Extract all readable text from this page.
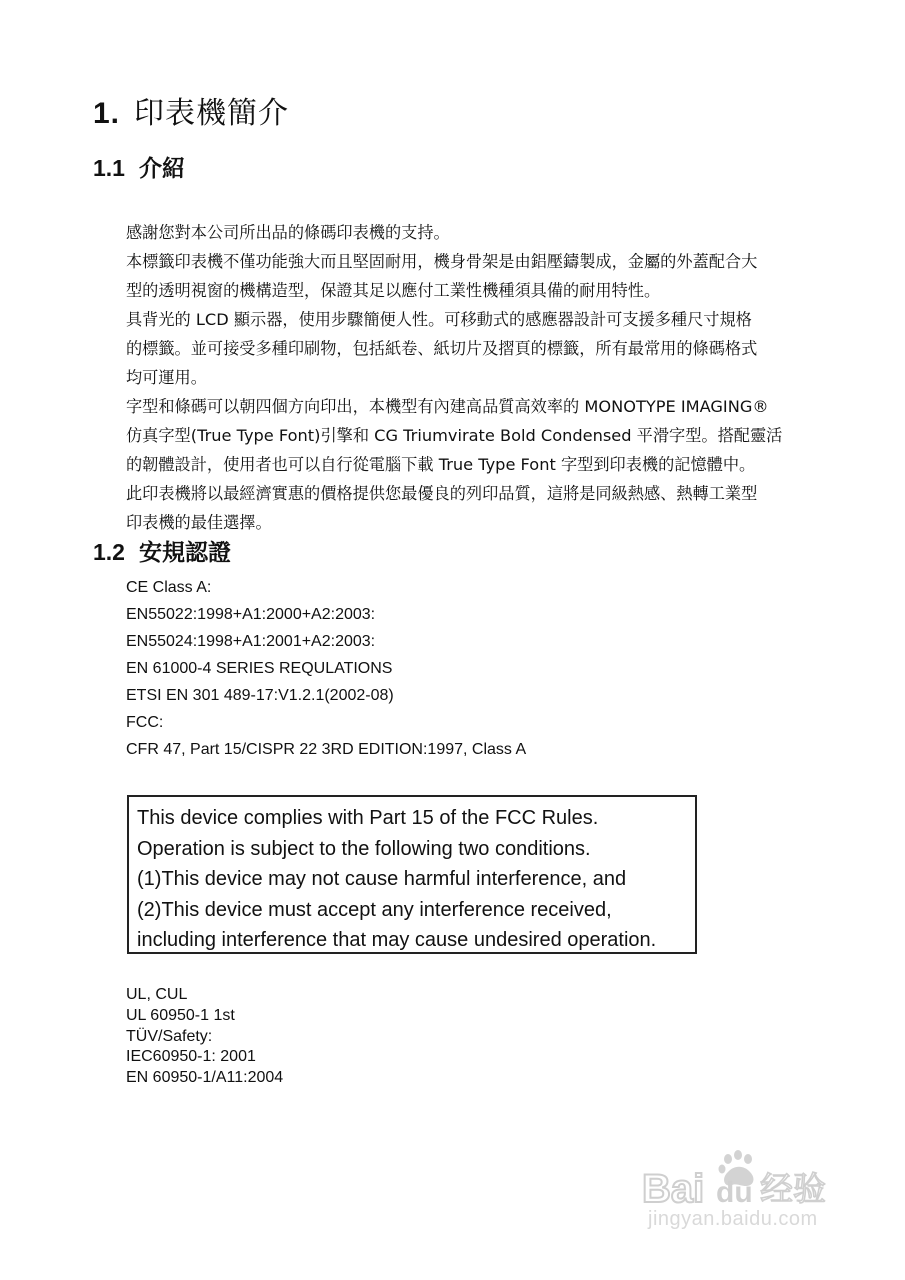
1. 印表機簡介
1.1 介紹
感謝您對本公司所出品的條碼印表機的支持。
本標籤印表機不僅功能強大而且堅固耐用，機身骨架是由鋁壓鑄製成，金屬的外蓋配合大
型的透明視窗的機構造型，保證其足以應付工業性機種須具備的耐用特性。
具背光的 LCD 顯示器，使用步驟簡便人性。可移動式的感應器設計可支援多種尺寸規格
的標籤。並可接受多種印刷物，包括紙卷、紙切片及摺頁的標籤，所有最常用的條碼格式
均可運用。
字型和條碼可以朝四個方向印出，本機型有內建高品質高效率的 MONOTYPE IMAGING®
仿真字型(True Type Font)引擎和 CG Triumvirate Bold Condensed 平滑字型。搭配靈活
的韌體設計，使用者也可以自行從電腦下載 True Type Font 字型到印表機的記憶體中。
此印表機將以最經濟實惠的價格提供您最優良的列印品質，這將是同級熱感、熱轉工業型
印表機的最佳選擇。
1.2 安規認證
CE Class A:
EN55022:1998+A1:2000+A2:2003:
EN55024:1998+A1:2001+A2:2003:
EN 61000-4 SERIES REQULATIONS
ETSI EN 301 489-17:V1.2.1(2002-08)
FCC:
CFR 47, Part 15/CISPR 22 3RD EDITION:1997, Class A
This device complies with Part 15 of the FCC Rules.
Operation is subject to the following two conditions.
(1)This device may not cause harmful interference, and
(2)This device must accept any interference received,
including interference that may cause undesired operation.
UL, CUL
UL 60950-1 1st
TÜV/Safety:
IEC60950-1: 2001
EN 60950-1/A11:2004
Bai du 经验
jingyan.baidu.com
